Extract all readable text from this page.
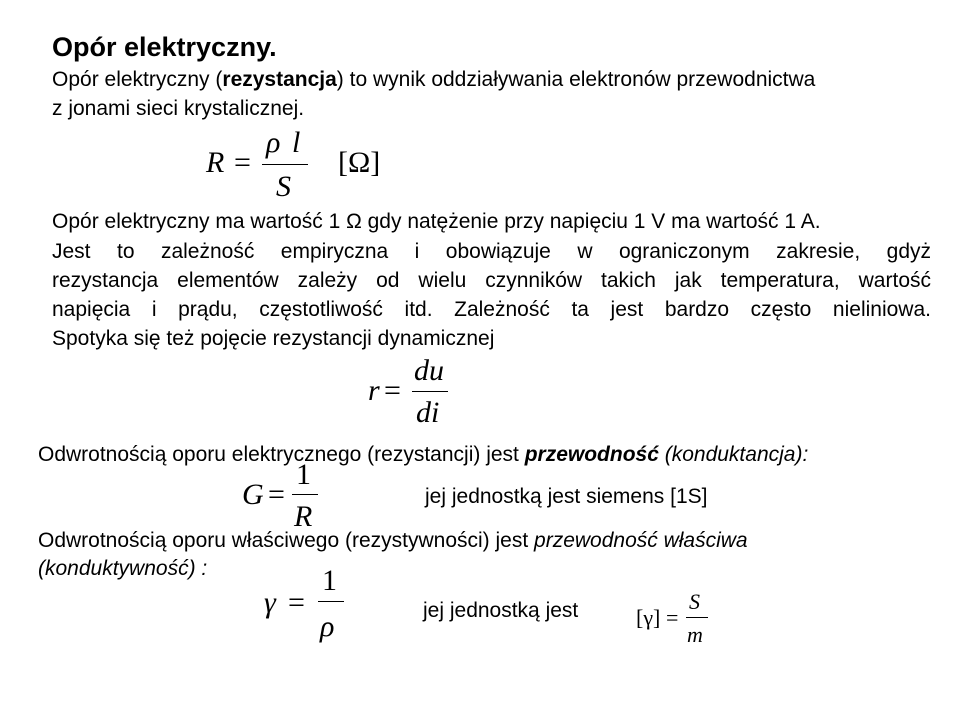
Opór elektryczny.
Opór elektryczny (rezystancja) to wynik oddziaływania elektronów przewodnictwa
z jonami sieci krystalicznej.
R =
ρ l
S
[Ω]
Opór elektryczny ma wartość 1 Ω gdy natężenie przy napięciu 1 V ma wartość 1 A.
Jest to zależność empiryczna i obowiązuje w ograniczonym zakresie, gdyż
rezystancja elementów zależy od wielu czynników takich jak temperatura, wartość
napięcia i prądu, częstotliwość itd. Zależność ta jest bardzo często nieliniowa.
Spotyka się też pojęcie rezystancji dynamicznej
r =
du
di
Odwrotnością oporu elektrycznego (rezystancji) jest przewodność (konduktancja):
G =
1
R
jej jednostką jest siemens [1S]
Odwrotnością oporu właściwego (rezystywności) jest przewodność właściwa
(konduktywność) :
γ =
1
ρ	jej jednostką jest	[γ] =
S
m
